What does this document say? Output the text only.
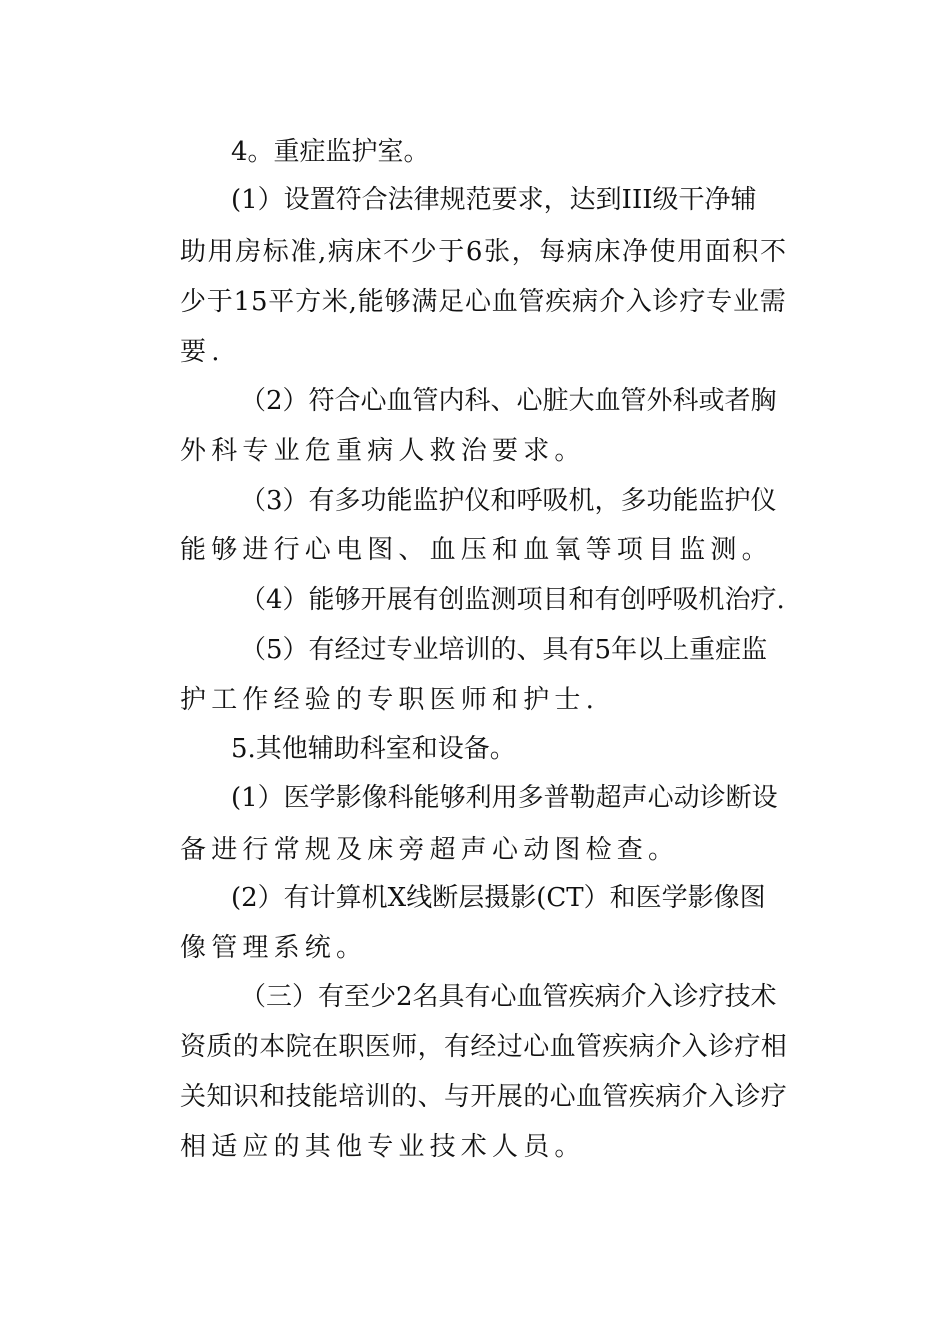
4。重症监护室。
(1）设置符合法律规范要求，达到III级干净辅
助用房标准,病床不少于6张，每病床净使用面积不
少于15平方米,能够满足心血管疾病介入诊疗专业需
要.
（2）符合心血管内科、心脏大血管外科或者胸
外科专业危重病人救治要求。
（3）有多功能监护仪和呼吸机，多功能监护仪
能够进行心电图、血压和血氧等项目监测。
（4）能够开展有创监测项目和有创呼吸机治疗.
（5）有经过专业培训的、具有5年以上重症监
护工作经验的专职医师和护士.
5.其他辅助科室和设备。
(1）医学影像科能够利用多普勒超声心动诊断设
备进行常规及床旁超声心动图检查。
(2）有计算机X线断层摄影(CT）和医学影像图
像管理系统。
（三）有至少2名具有心血管疾病介入诊疗技术
资质的本院在职医师，有经过心血管疾病介入诊疗相
关知识和技能培训的、与开展的心血管疾病介入诊疗
相适应的其他专业技术人员。
